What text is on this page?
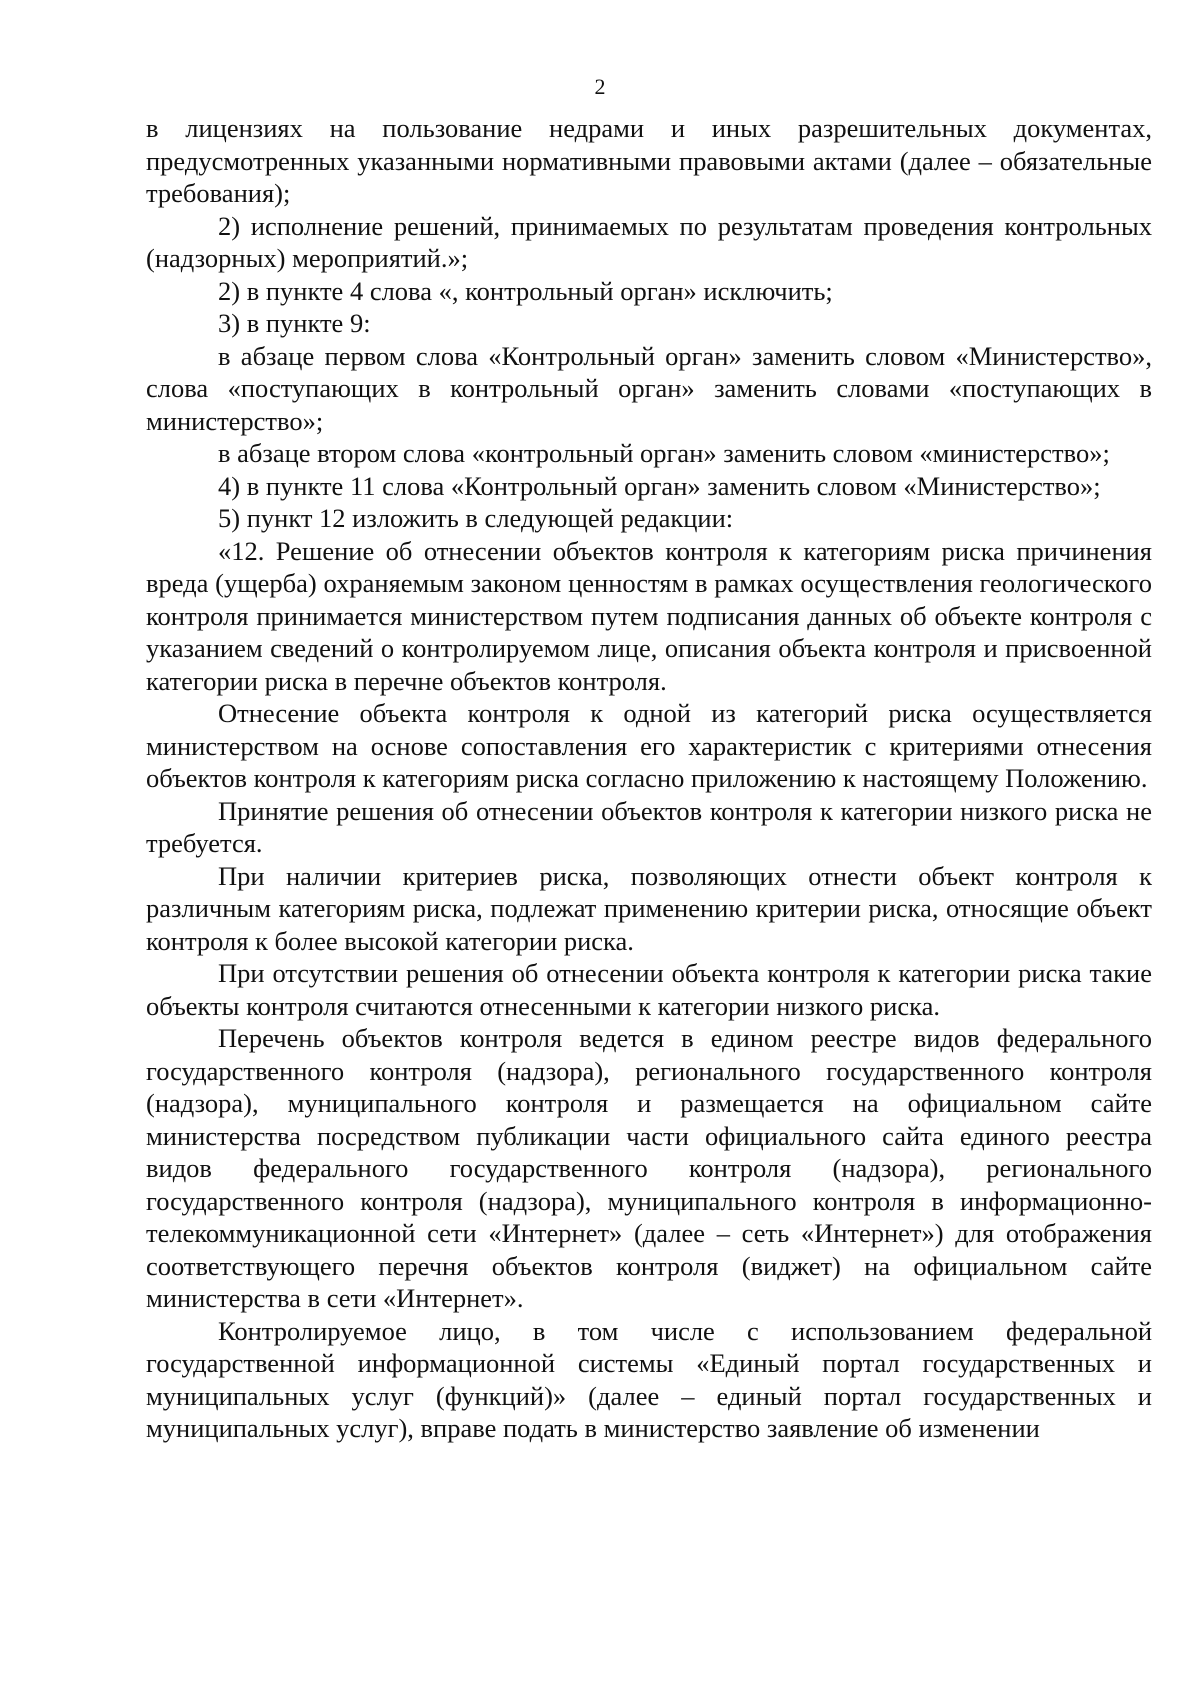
2

в лицензиях на пользование недрами и иных разрешительных документах, предусмотренных указанными нормативными правовыми актами (далее – обязательные требования);

2) исполнение решений, принимаемых по результатам проведения контрольных (надзорных) мероприятий.»;

2) в пункте 4 слова «, контрольный орган» исключить;

3) в пункте 9:

в абзаце первом слова «Контрольный орган» заменить словом «Министерство», слова «поступающих в контрольный орган» заменить словами «поступающих в министерство»;

в абзаце втором слова «контрольный орган» заменить словом «министерство»;

4) в пункте 11 слова «Контрольный орган» заменить словом «Министерство»;

5) пункт 12 изложить в следующей редакции:

«12. Решение об отнесении объектов контроля к категориям риска причинения вреда (ущерба) охраняемым законом ценностям в рамках осуществления геологического контроля принимается министерством путем подписания данных об объекте контроля с указанием сведений о контролируемом лице, описания объекта контроля и присвоенной категории риска в перечне объектов контроля.

Отнесение объекта контроля к одной из категорий риска осуществляется министерством на основе сопоставления его характеристик с критериями отнесения объектов контроля к категориям риска согласно приложению к настоящему Положению.

Принятие решения об отнесении объектов контроля к категории низкого риска не требуется.

При наличии критериев риска, позволяющих отнести объект контроля к различным категориям риска, подлежат применению критерии риска, относящие объект контроля к более высокой категории риска.

При отсутствии решения об отнесении объекта контроля к категории риска такие объекты контроля считаются отнесенными к категории низкого риска.

Перечень объектов контроля ведется в едином реестре видов федерального государственного контроля (надзора), регионального государственного контроля (надзора), муниципального контроля и размещается на официальном сайте министерства посредством публикации части официального сайта единого реестра видов федерального государственного контроля (надзора), регионального государственного контроля (надзора), муниципального контроля в информационно-телекоммуникационной сети «Интернет» (далее – сеть «Интернет») для отображения соответствующего перечня объектов контроля (виджет) на официальном сайте министерства в сети «Интернет».

Контролируемое лицо, в том числе с использованием федеральной государственной информационной системы «Единый портал государственных и муниципальных услуг (функций)» (далее – единый портал государственных и муниципальных услуг), вправе подать в министерство заявление об изменении
